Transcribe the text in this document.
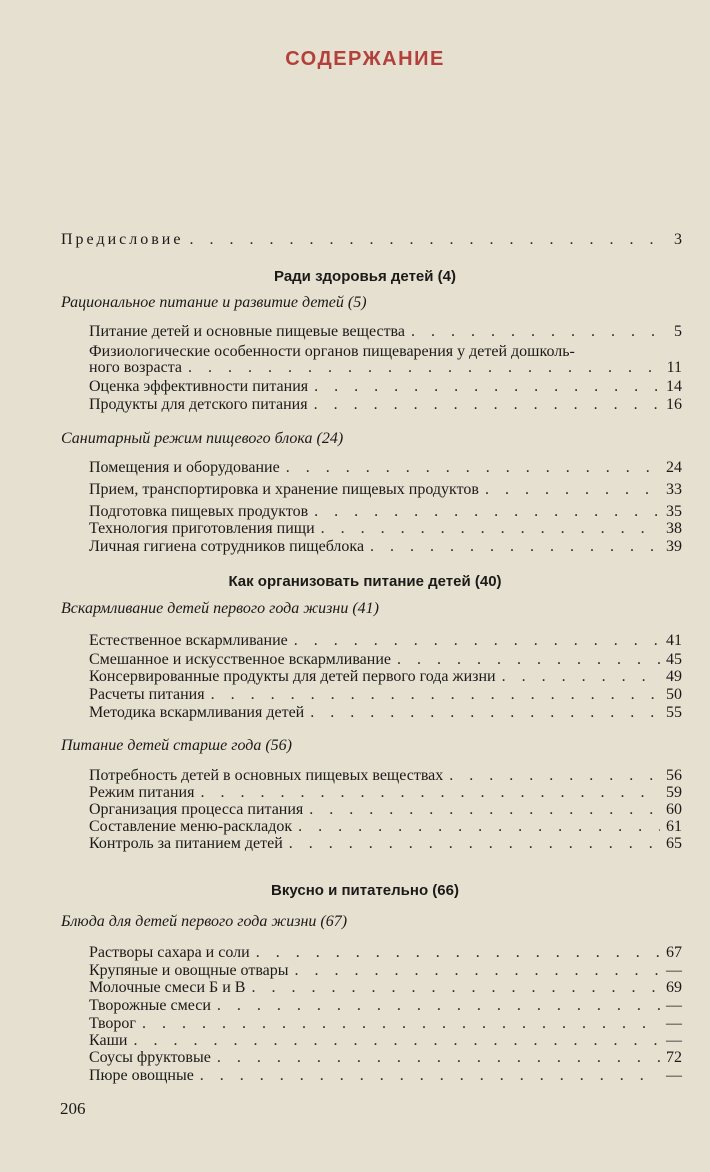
СОДЕРЖАНИЕ
Предисловие . . .	3
Ради здоровья детей (4)
Рациональное питание и развитие детей (5)
Питание детей и основные пищевые вещества . . .	5
Физиологические особенности органов пищеварения у детей дошколь-
ного возраста . . .	11
Оценка эффективности питания . . .	14
Продукты для детского питания . . .	16
Санитарный режим пищевого блока (24)
Помещения и оборудование . . .	24
Прием, транспортировка и хранение пищевых продуктов . . .	33
Подготовка пищевых продуктов . . .	35
Технология приготовления пищи . . .	38
Личная гигиена сотрудников пищеблока . . .	39
Как организовать питание детей (40)
Вскармливание детей первого года жизни (41)
Естественное вскармливание . . .	41
Смешанное и искусственное вскармливание . . .	45
Консервированные продукты для детей первого года жизни . . .	49
Расчеты питания . . .	50
Методика вскармливания детей . . .	55
Питание детей старше года (56)
Потребность детей в основных пищевых веществах . . .	56
Режим питания . . .	59
Организация процесса питания . . .	60
Составление меню-раскладок . . .	61
Контроль за питанием детей . . .	65
Вкусно и питательно (66)
Блюда для детей первого года жизни (67)
Растворы сахара и соли . . .	67
Крупяные и овощные отвары . . .	—
Молочные смеси Б и В . . .	69
Творожные смеси . . .	—
Творог . . .	—
Каши . . .	—
Соусы фруктовые . . .	72
Пюре овощные . . .	—
206
